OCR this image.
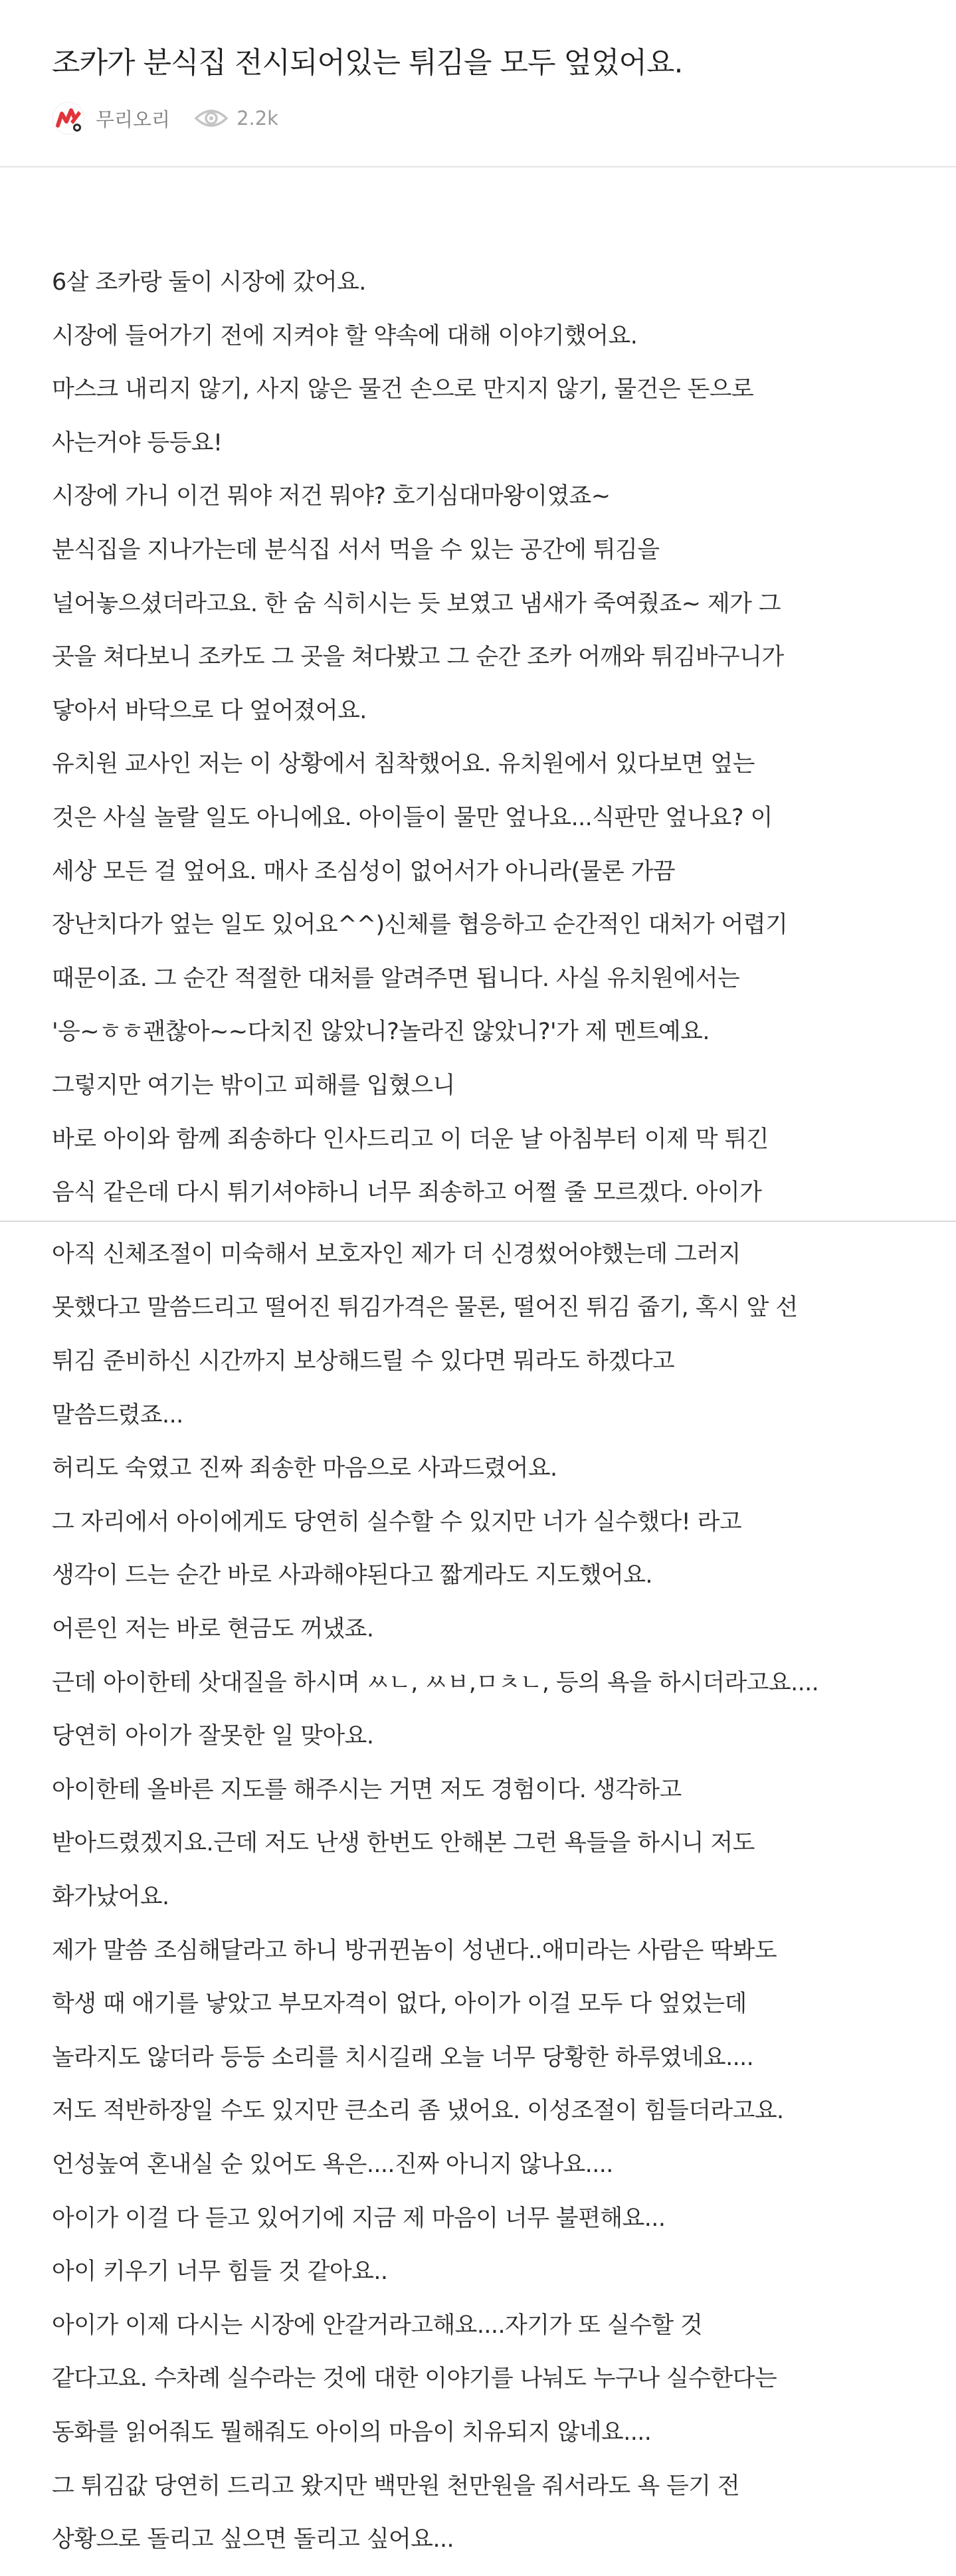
조카가 분식집 전시되어있는 튀김을 모두 엎었어요.
무리오리	2.2k
6살 조카랑 둘이 시장에 갔어요.
시장에 들어가기 전에 지켜야 할 약속에 대해 이야기했어요.
마스크 내리지 않기, 사지 않은 물건 손으로 만지지 않기, 물건은 돈으로
사는거야 등등요!
시장에 가니 이건 뭐야 저건 뭐야? 호기심대마왕이였죠~
분식집을 지나가는데 분식집 서서 먹을 수 있는 공간에 튀김을
널어놓으셨더라고요. 한 숨 식히시는 듯 보였고 냄새가 죽여줬죠~ 제가 그
곳을 쳐다보니 조카도 그 곳을 쳐다봤고 그 순간 조카 어깨와 튀김바구니가
닿아서 바닥으로 다 엎어졌어요.
유치원 교사인 저는 이 상황에서 침착했어요. 유치원에서 있다보면 엎는
것은 사실 놀랄 일도 아니에요. 아이들이 물만 엎나요...식판만 엎나요? 이
세상 모든 걸 엎어요. 매사 조심성이 없어서가 아니라(물론 가끔
장난치다가 엎는 일도 있어요^^)신체를 협응하고 순간적인 대처가 어렵기
때문이죠. 그 순간 적절한 대처를 알려주면 됩니다. 사실 유치원에서는
'응~ㅎㅎ괜찮아~~다치진 않았니?놀라진 않았니?'가 제 멘트예요.
그렇지만 여기는 밖이고 피해를 입혔으니
바로 아이와 함께 죄송하다 인사드리고 이 더운 날 아침부터 이제 막 튀긴
음식 같은데 다시 튀기셔야하니 너무 죄송하고 어쩔 줄 모르겠다. 아이가
아직 신체조절이 미숙해서 보호자인 제가 더 신경썼어야했는데 그러지
못했다고 말씀드리고 떨어진 튀김가격은 물론, 떨어진 튀김 줍기, 혹시 앞 선
튀김 준비하신 시간까지 보상해드릴 수 있다면 뭐라도 하겠다고
말씀드렸죠...
허리도 숙였고 진짜 죄송한 마음으로 사과드렸어요.
그 자리에서 아이에게도 당연히 실수할 수 있지만 너가 실수했다! 라고
생각이 드는 순간 바로 사과해야된다고 짧게라도 지도했어요.
어른인 저는 바로 현금도 꺼냈죠.
근데 아이한테 삿대질을 하시며 ㅆㄴ, ㅆㅂ,ㅁㅊㄴ, 등의 욕을 하시더라고요....
당연히 아이가 잘못한 일 맞아요.
아이한테 올바른 지도를 해주시는 거면 저도 경험이다. 생각하고
받아드렸겠지요.근데 저도 난생 한번도 안해본 그런 욕들을 하시니 저도
화가났어요.
제가 말씀 조심해달라고 하니 방귀뀐놈이 성낸다..애미라는 사람은 딱봐도
학생 때 애기를 낳았고 부모자격이 없다, 아이가 이걸 모두 다 엎었는데
놀라지도 않더라 등등 소리를 치시길래 오늘 너무 당황한 하루였네요....
저도 적반하장일 수도 있지만 큰소리 좀 냈어요. 이성조절이 힘들더라고요.
언성높여 혼내실 순 있어도 욕은....진짜 아니지 않나요....
아이가 이걸 다 듣고 있어기에 지금 제 마음이 너무 불편해요...
아이 키우기 너무 힘들 것 같아요..
아이가 이제 다시는 시장에 안갈거라고해요....자기가 또 실수할 것
같다고요. 수차례 실수라는 것에 대한 이야기를 나눠도 누구나 실수한다는
동화를 읽어줘도 뭘해줘도 아이의 마음이 치유되지 않네요....
그 튀김값 당연히 드리고 왔지만 백만원 천만원을 줘서라도 욕 듣기 전
상황으로 돌리고 싶으면 돌리고 싶어요...
